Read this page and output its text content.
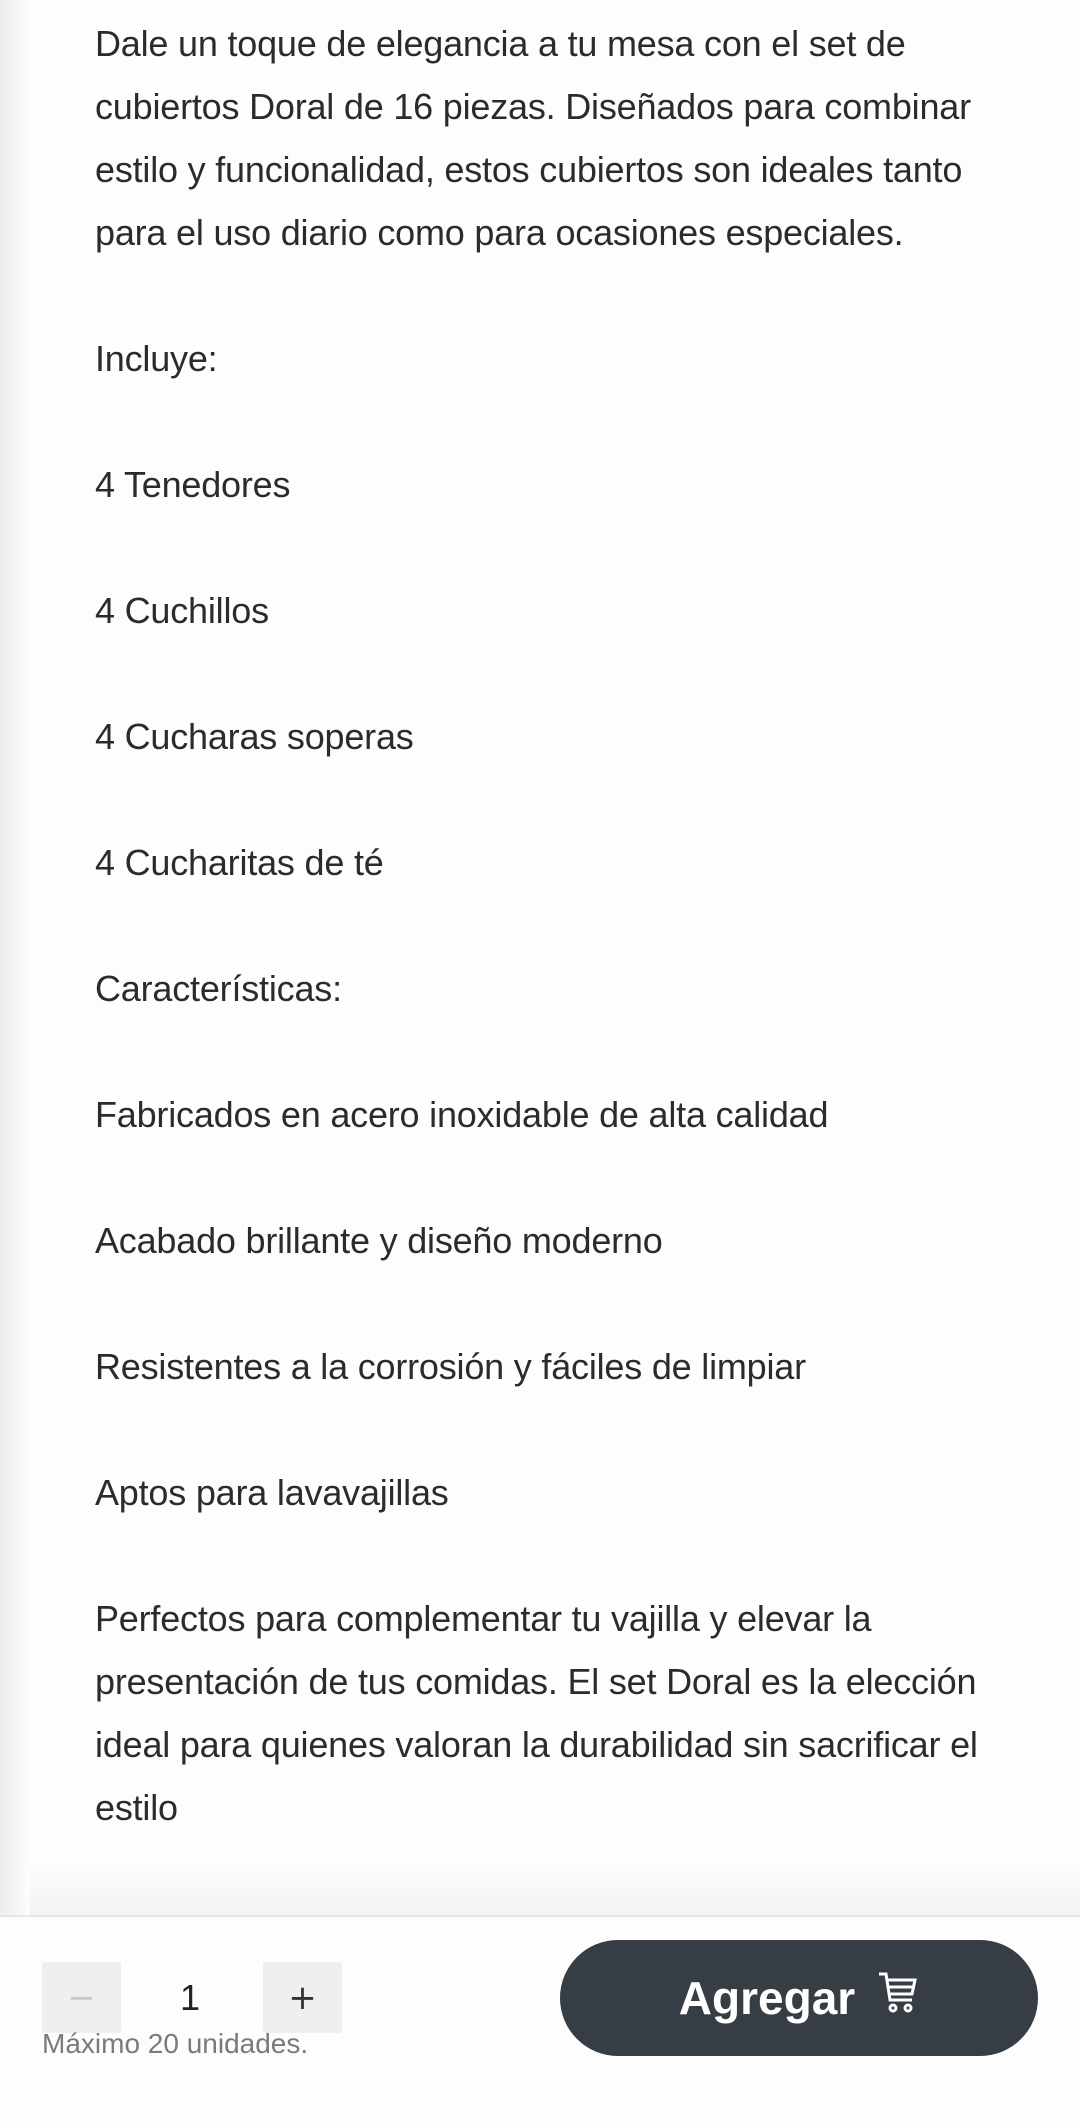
Dale un toque de elegancia a tu mesa con el set de cubiertos Doral de 16 piezas. Diseñados para combinar estilo y funcionalidad, estos cubiertos son ideales tanto para el uso diario como para ocasiones especiales.

Incluye:

4 Tenedores

4 Cuchillos

4 Cucharas soperas

4 Cucharitas de té

Características:

Fabricados en acero inoxidable de alta calidad

Acabado brillante y diseño moderno

Resistentes a la corrosión y fáciles de limpiar

Aptos para lavavajillas

Perfectos para complementar tu vajilla y elevar la presentación de tus comidas. El set Doral es la elección ideal para quienes valoran la durabilidad sin sacrificar el estilo

−	1	+	Agregar
Máximo 20 unidades.
